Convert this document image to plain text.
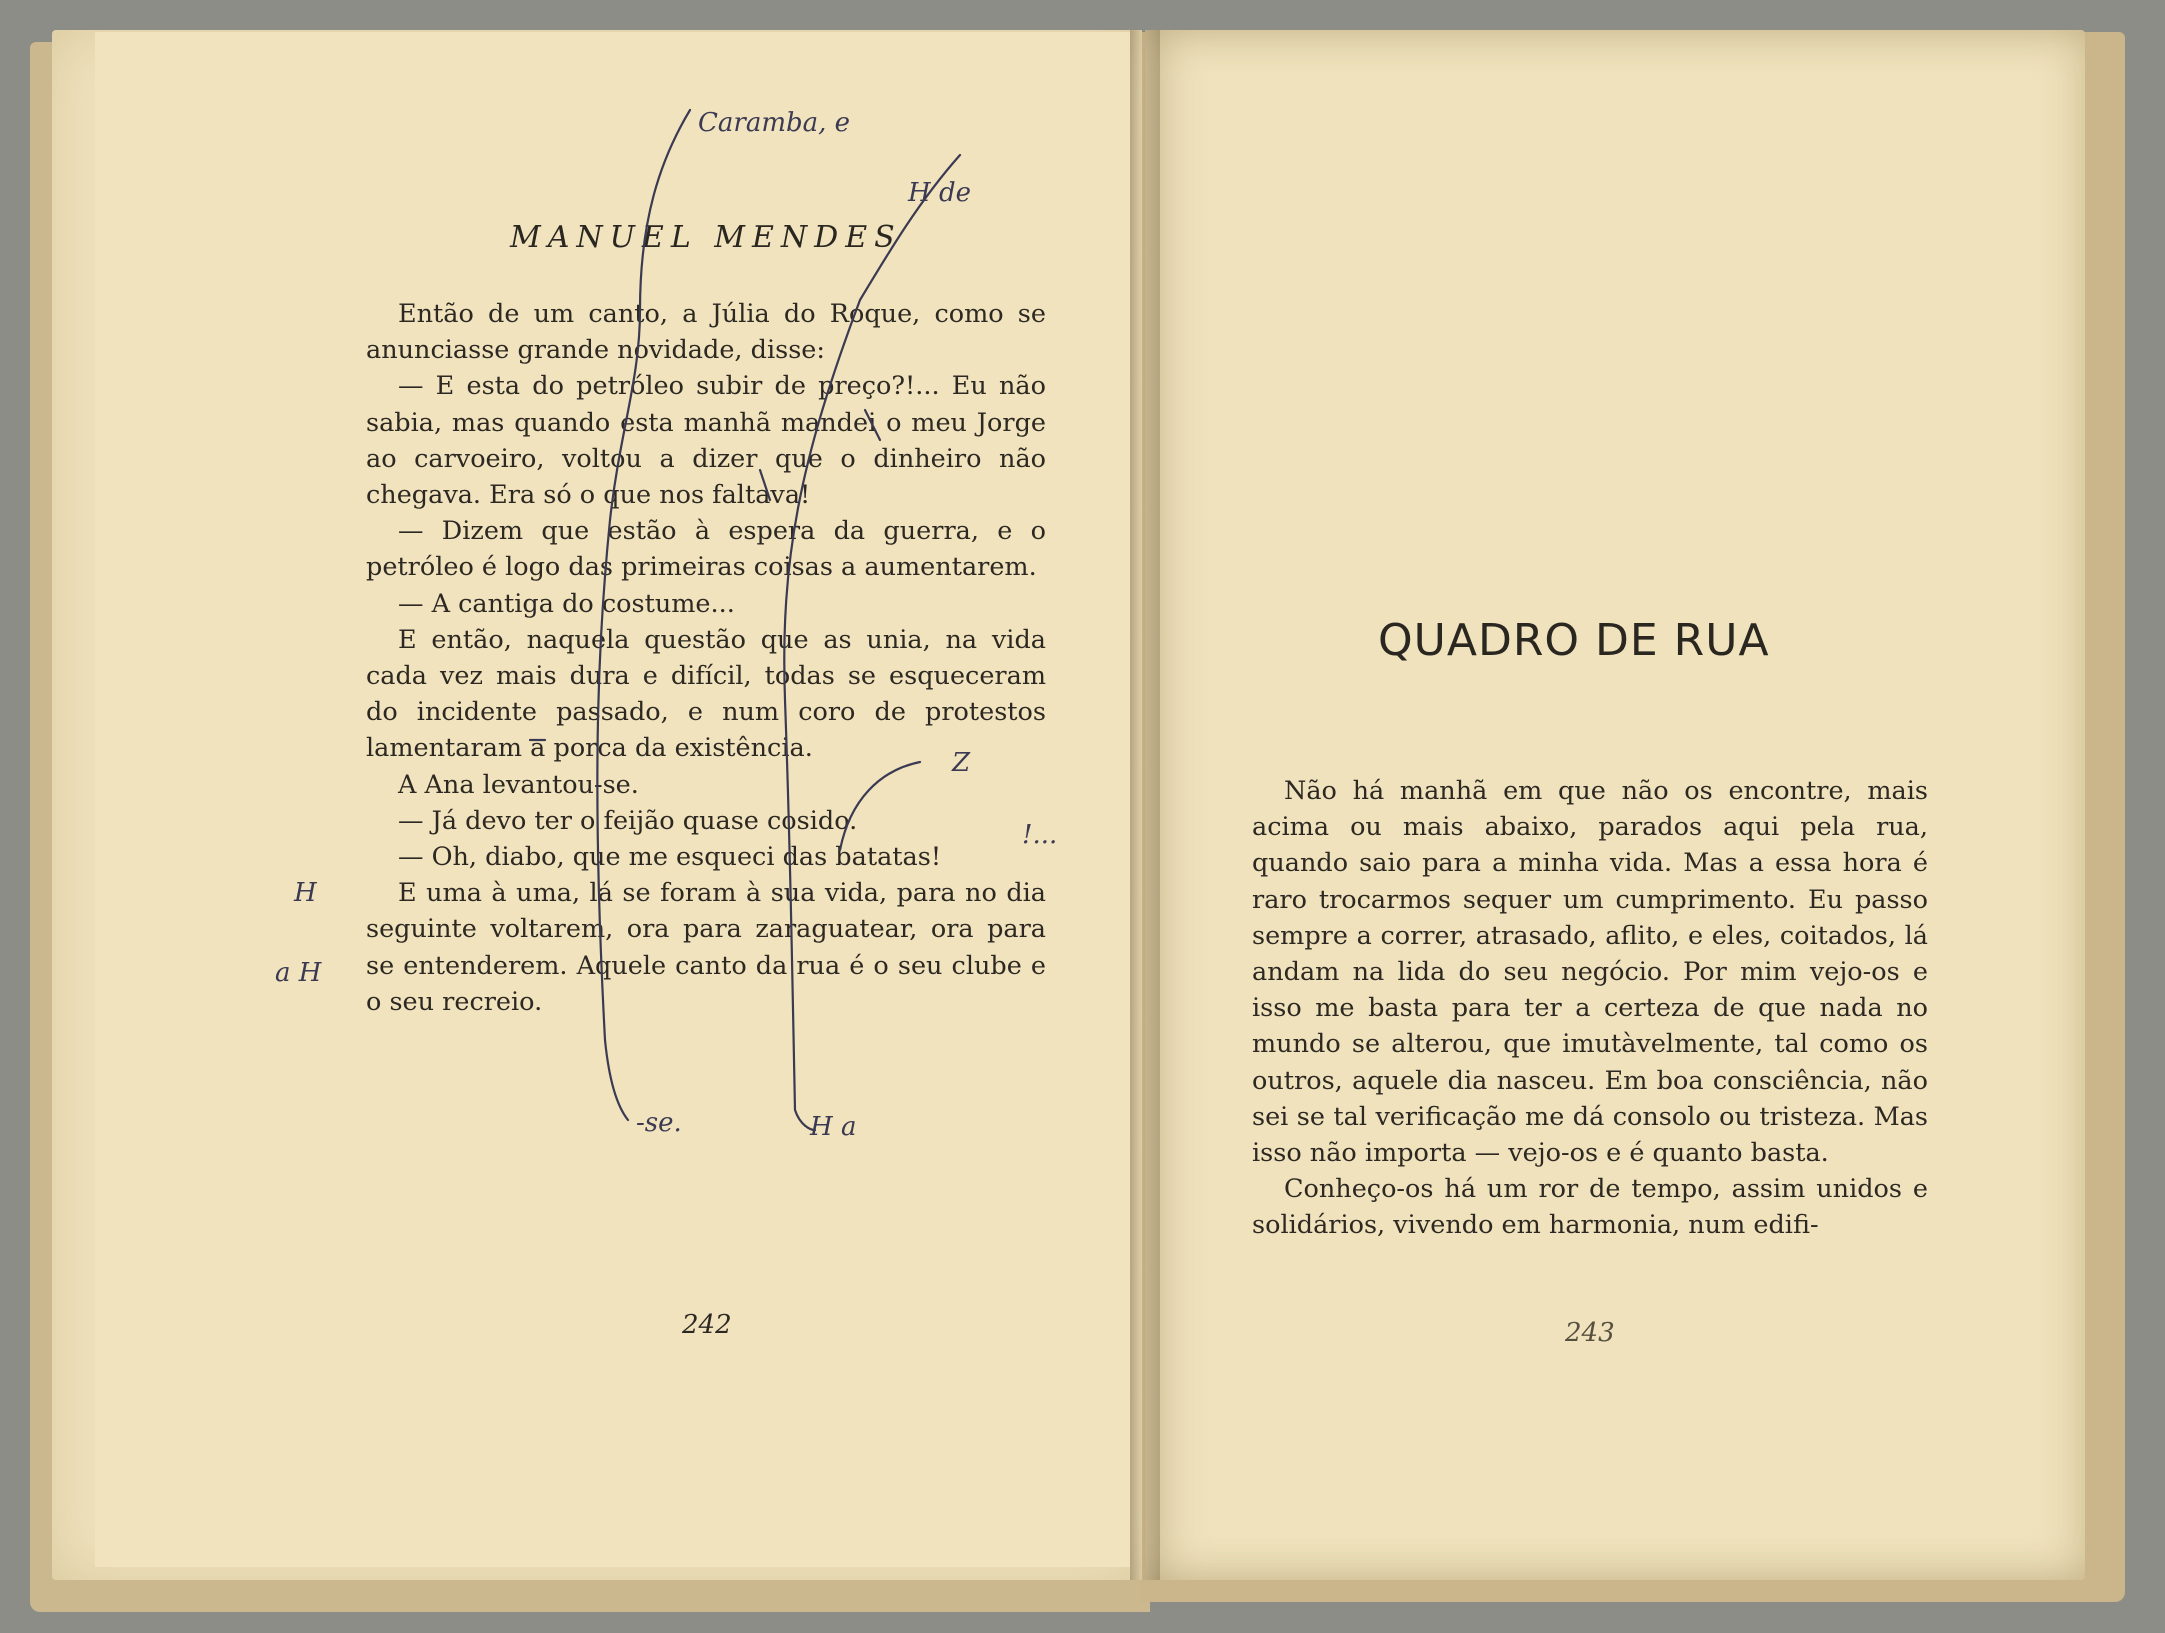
MANUEL MENDES

Então de um canto, a Júlia do Roque, como se anunciasse grande novidade, disse:

— E esta do petróleo subir de preço?!... Eu não sabia, mas quando esta manhã mandei o meu Jorge ao carvoeiro, voltou a dizer que o dinheiro não chegava. Era só o que nos faltava!

— Dizem que estão à espera da guerra, e o petróleo é logo das primeiras coisas a aumentarem.

— A cantiga do costume...

E então, naquela questão que as unia, na vida cada vez mais dura e difícil, todas se esqueceram do incidente passado, e num coro de protestos lamentaram a porca da existência.

A Ana levantou-se.

— Já devo ter o feijão quase cosido.

— Oh, diabo, que me esqueci das batatas!

E uma à uma, lá se foram à sua vida, para no dia seguinte voltarem, ora para zaraguatear, ora para se entenderem. Aquele canto da rua é o seu clube e o seu recreio.

242
Caramba, e
H de
Z
!...
H
a H
-se.	H a
QUADRO DE RUA

Não há manhã em que não os encontre, mais acima ou mais abaixo, parados aqui pela rua, quando saio para a minha vida. Mas a essa hora é raro trocarmos sequer um cumprimento. Eu passo sempre a correr, atrasado, aflito, e eles, coitados, lá andam na lida do seu negócio. Por mim vejo-os e isso me basta para ter a certeza de que nada no mundo se alterou, que imutàvelmente, tal como os outros, aquele dia nasceu. Em boa consciência, não sei se tal verificação me dá consolo ou tristeza. Mas isso não importa — vejo-os e é quanto basta.

Conheço-os há um ror de tempo, assim unidos e solidários, vivendo em harmonia, num edifi-

243
